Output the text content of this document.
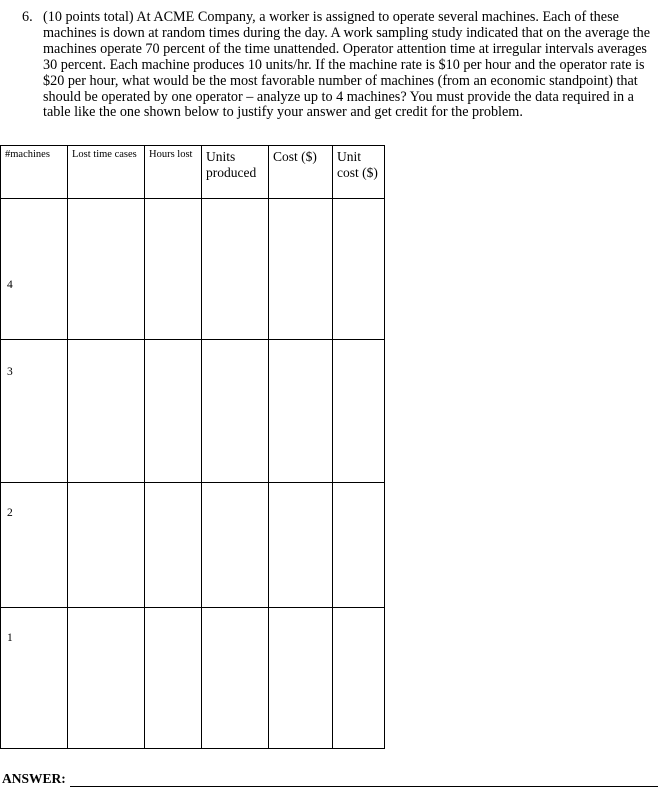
6. (10 points total) At ACME Company, a worker is assigned to operate several machines. Each of these machines is down at random times during the day. A work sampling study indicated that on the average the machines operate 70 percent of the time unattended. Operator attention time at irregular intervals averages 30 percent. Each machine produces 10 units/hr. If the machine rate is $10 per hour and the operator rate is $20 per hour, what would be the most favorable number of machines (from an economic standpoint) that should be operated by one operator – analyze up to 4 machines? You must provide the data required in a table like the one shown below to justify your answer and get credit for the problem.
#machines	Lost time cases	Hours lost	Units produced	Cost ($)	Unit cost ($)
4					
3					
2					
1					
ANSWER:
